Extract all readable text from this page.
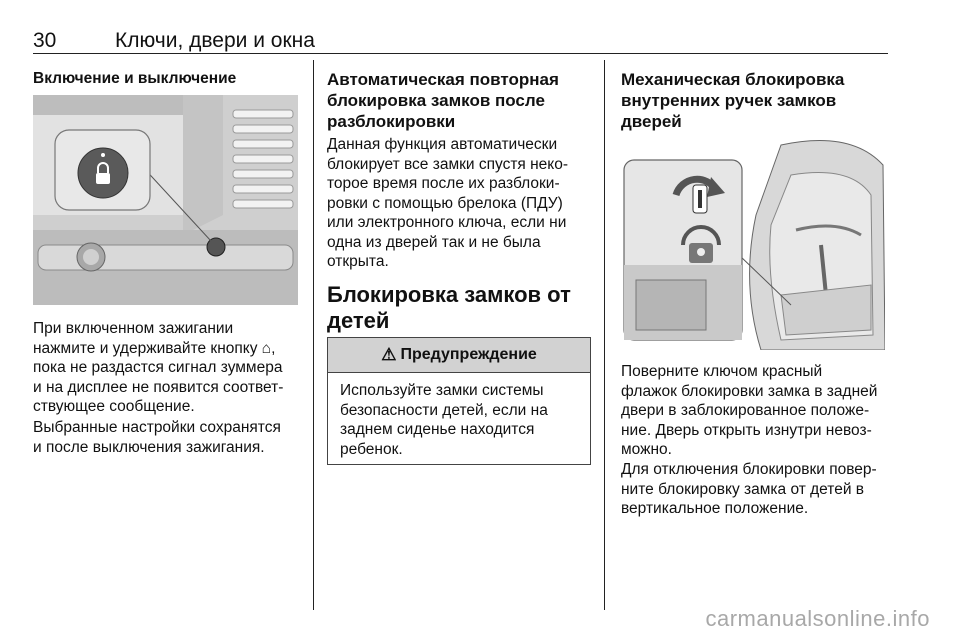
30	Ключи, двери и окна
Включение и выключение
При включенном зажигании
нажмите и удерживайте кнопку ⌂,
пока не раздастся сигнал зуммера
и на дисплее не появится соответ-
ствующее сообщение.
Выбранные настройки сохранятся
и после выключения зажигания.
Автоматическая повторная
блокировка замков после
разблокировки
Данная функция автоматически
блокирует все замки спустя неко-
торое время после их разблоки-
ровки с помощью брелока (ПДУ)
или электронного ключа, если ни
одна из дверей так и не была
открыта.
Блокировка замков от
детей
⚠ Предупреждение
Используйте замки системы
безопасности детей, если на
заднем сиденье находится
ребенок.
Механическая блокировка
внутренних ручек замков
дверей
Поверните ключом красный
флажок блокировки замка в задней
двери в заблокированное положе-
ние. Дверь открыть изнутри невоз-
можно.
Для отключения блокировки повер-
ните блокировку замка от детей в
вертикальное положение.
carmanualsonline.info
